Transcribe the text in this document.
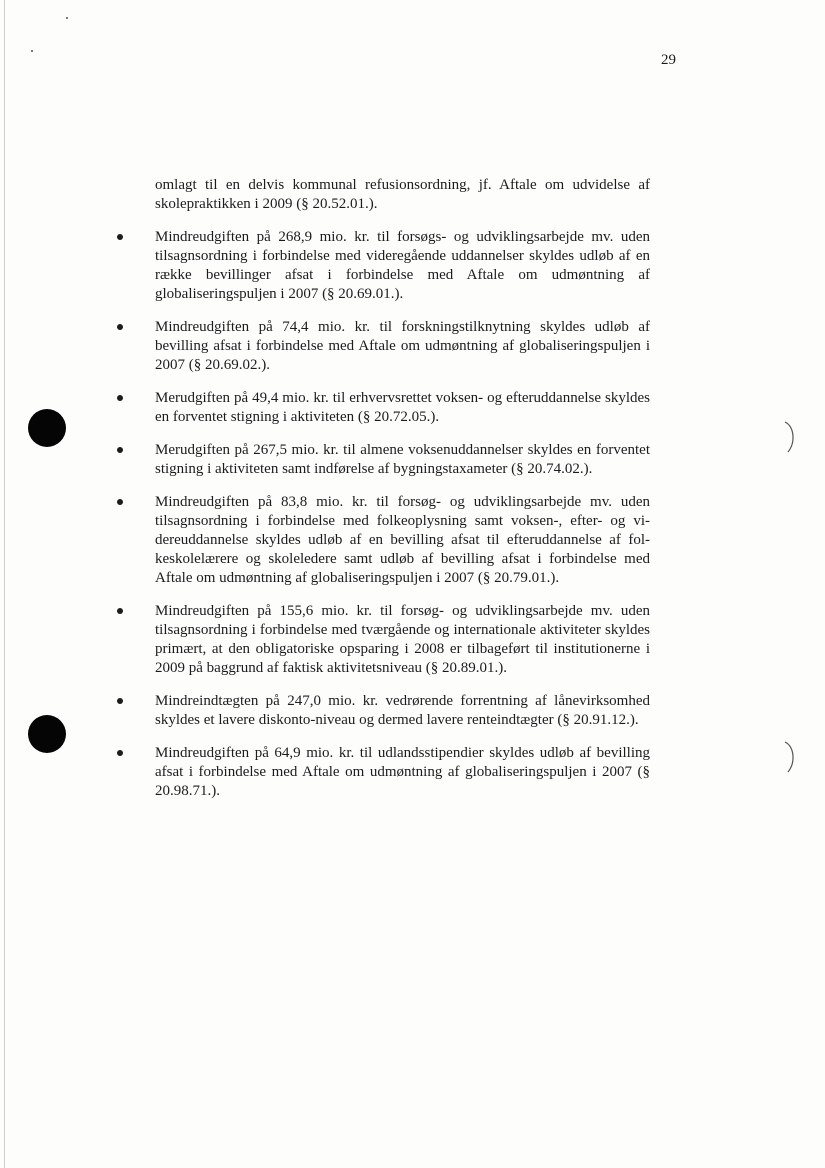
29

omlagt til en delvis kommunal refusionsordning, jf. Aftale om udvidelse af skolepraktikken i 2009 (§ 20.52.01.).

Mindreudgiften på 268,9 mio. kr. til forsøgs- og udviklingsarbejde mv. uden tilsagnsordning i forbindelse med videregående uddannelser skyldes udløb af en række bevillinger afsat i forbindelse med Aftale om udmøntning af globaliseringspuljen i 2007 (§ 20.69.01.).
Mindreudgiften på 74,4 mio. kr. til forskningstilknytning skyldes udløb af bevilling afsat i forbindelse med Aftale om udmøntning af globaliseringspuljen i 2007 (§ 20.69.02.).
Merudgiften på 49,4 mio. kr. til erhvervsrettet voksen- og efteruddannelse skyldes en forventet stigning i aktiviteten (§ 20.72.05.).
Merudgiften på 267,5 mio. kr. til almene voksenuddannelser skyldes en forventet stigning i aktiviteten samt indførelse af bygningstaxameter (§ 20.74.02.).
Mindreudgiften på 83,8 mio. kr. til forsøg- og udviklingsarbejde mv. uden tilsagnsordning i forbindelse med folkeoplysning samt voksen-, efter- og videreuddannelse skyldes udløb af en bevilling afsat til efteruddannelse af folkeskolelærere og skoleledere samt udløb af bevilling afsat i forbindelse med Aftale om udmøntning af globaliseringspuljen i 2007 (§ 20.79.01.).
Mindreudgiften på 155,6 mio. kr. til forsøg- og udviklingsarbejde mv. uden tilsagnsordning i forbindelse med tværgående og internationale aktiviteter skyldes primært, at den obligatoriske opsparing i 2008 er tilbageført til institutionerne i 2009 på baggrund af faktisk aktivitetsniveau (§ 20.89.01.).
Mindreindtægten på 247,0 mio. kr. vedrørende forrentning af lånevirksomhed skyldes et lavere diskonto-niveau og dermed lavere renteindtægter (§ 20.91.12.).
Mindreudgiften på 64,9 mio. kr. til udlandsstipendier skyldes udløb af bevilling afsat i forbindelse med Aftale om udmøntning af globaliseringspuljen i 2007 (§ 20.98.71.).
